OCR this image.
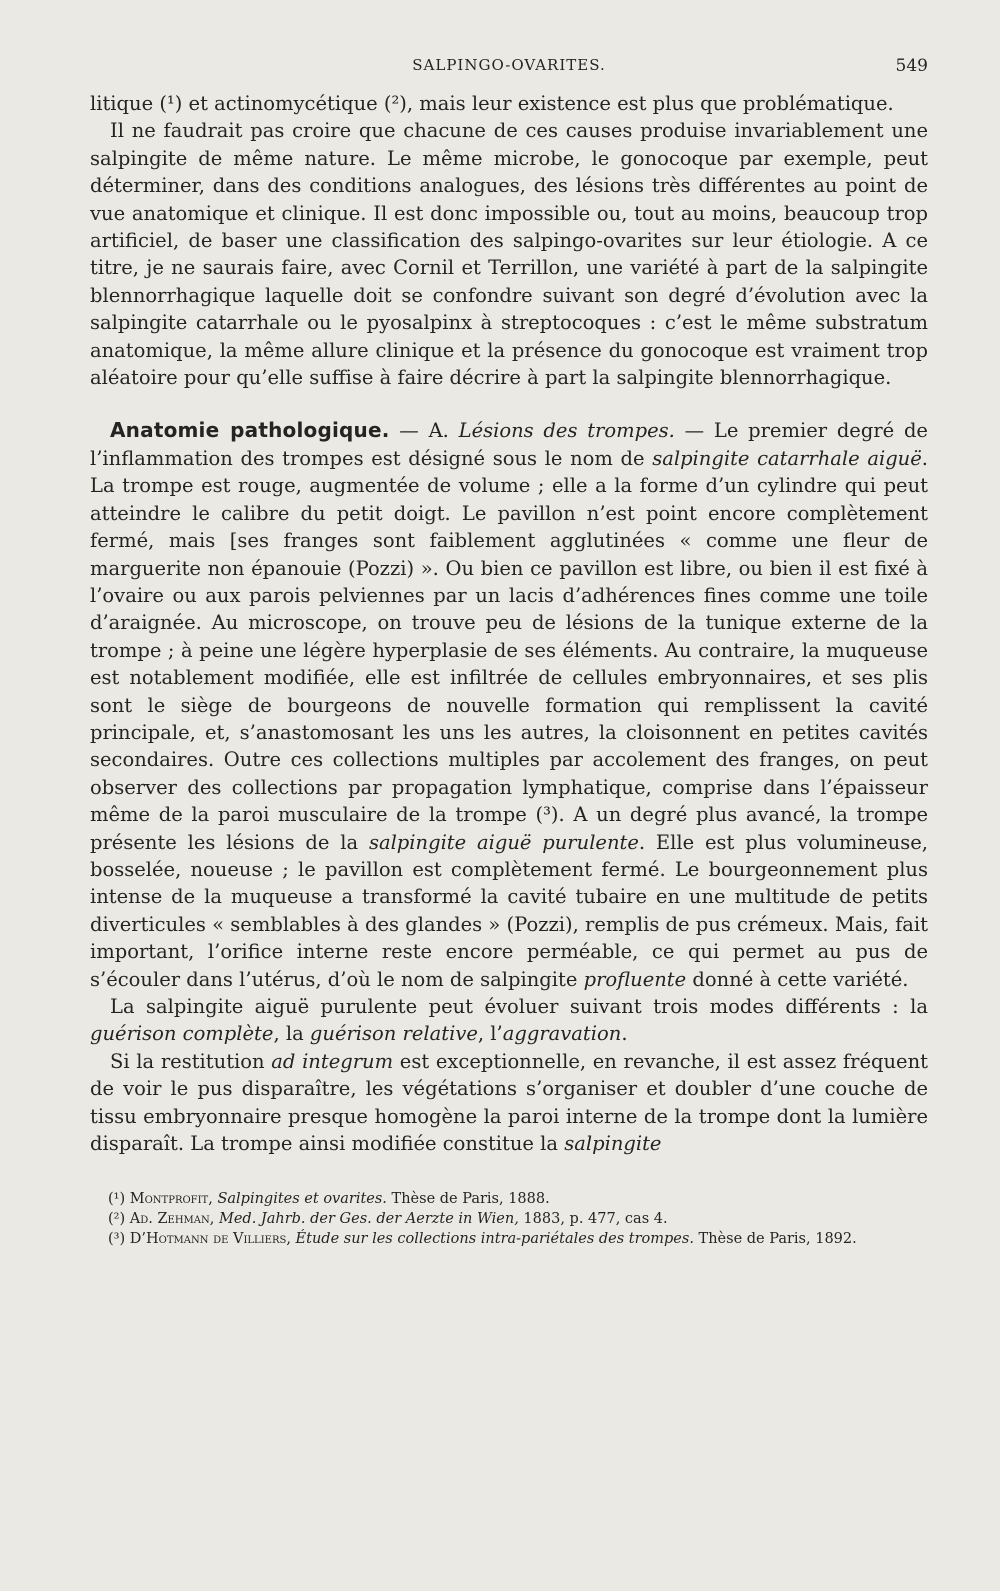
SALPINGO-OVARITES.	549

litique (¹) et actinomycétique (²), mais leur existence est plus que problématique.

Il ne faudrait pas croire que chacune de ces causes produise invariablement une salpingite de même nature. Le même microbe, le gonocoque par exemple, peut déterminer, dans des conditions analogues, des lésions très différentes au point de vue anatomique et clinique. Il est donc impossible ou, tout au moins, beaucoup trop artificiel, de baser une classification des salpingo-ovarites sur leur étiologie. A ce titre, je ne saurais faire, avec Cornil et Terrillon, une variété à part de la salpingite blennorrhagique laquelle doit se confondre suivant son degré d’évolution avec la salpingite catarrhale ou le pyosalpinx à streptocoques : c’est le même substratum anatomique, la même allure clinique et la présence du gonocoque est vraiment trop aléatoire pour qu’elle suffise à faire décrire à part la salpingite blennorrhagique.

Anatomie pathologique. — A. Lésions des trompes. — Le premier degré de l’inflammation des trompes est désigné sous le nom de salpingite catarrhale aiguë. La trompe est rouge, augmentée de volume ; elle a la forme d’un cylindre qui peut atteindre le calibre du petit doigt. Le pavillon n’est point encore complètement fermé, mais [ses franges sont faiblement agglutinées « comme une fleur de marguerite non épanouie (Pozzi) ». Ou bien ce pavillon est libre, ou bien il est fixé à l’ovaire ou aux parois pelviennes par un lacis d’adhérences fines comme une toile d’araignée. Au microscope, on trouve peu de lésions de la tunique externe de la trompe ; à peine une légère hyperplasie de ses éléments. Au contraire, la muqueuse est notablement modifiée, elle est infiltrée de cellules embryonnaires, et ses plis sont le siège de bourgeons de nouvelle formation qui remplissent la cavité principale, et, s’anastomosant les uns les autres, la cloisonnent en petites cavités secondaires. Outre ces collections multiples par accolement des franges, on peut observer des collections par propagation lymphatique, comprise dans l’épaisseur même de la paroi musculaire de la trompe (³). A un degré plus avancé, la trompe présente les lésions de la salpingite aiguë purulente. Elle est plus volumineuse, bosselée, noueuse ; le pavillon est complètement fermé. Le bourgeonnement plus intense de la muqueuse a transformé la cavité tubaire en une multitude de petits diverticules « semblables à des glandes » (Pozzi), remplis de pus crémeux. Mais, fait important, l’orifice interne reste encore perméable, ce qui permet au pus de s’écouler dans l’utérus, d’où le nom de salpingite profluente donné à cette variété.

La salpingite aiguë purulente peut évoluer suivant trois modes différents : la guérison complète, la guérison relative, l’aggravation.

Si la restitution ad integrum est exceptionnelle, en revanche, il est assez fréquent de voir le pus disparaître, les végétations s’organiser et doubler d’une couche de tissu embryonnaire presque homogène la paroi interne de la trompe dont la lumière disparaît. La trompe ainsi modifiée constitue la salpingite

(¹) Montprofit, Salpingites et ovarites. Thèse de Paris, 1888.

(²) Ad. Zehman, Med. Jahrb. der Ges. der Aerzte in Wien, 1883, p. 477, cas 4.

(³) D’Hotmann de Villiers, Étude sur les collections intra-pariétales des trompes. Thèse de Paris, 1892.
